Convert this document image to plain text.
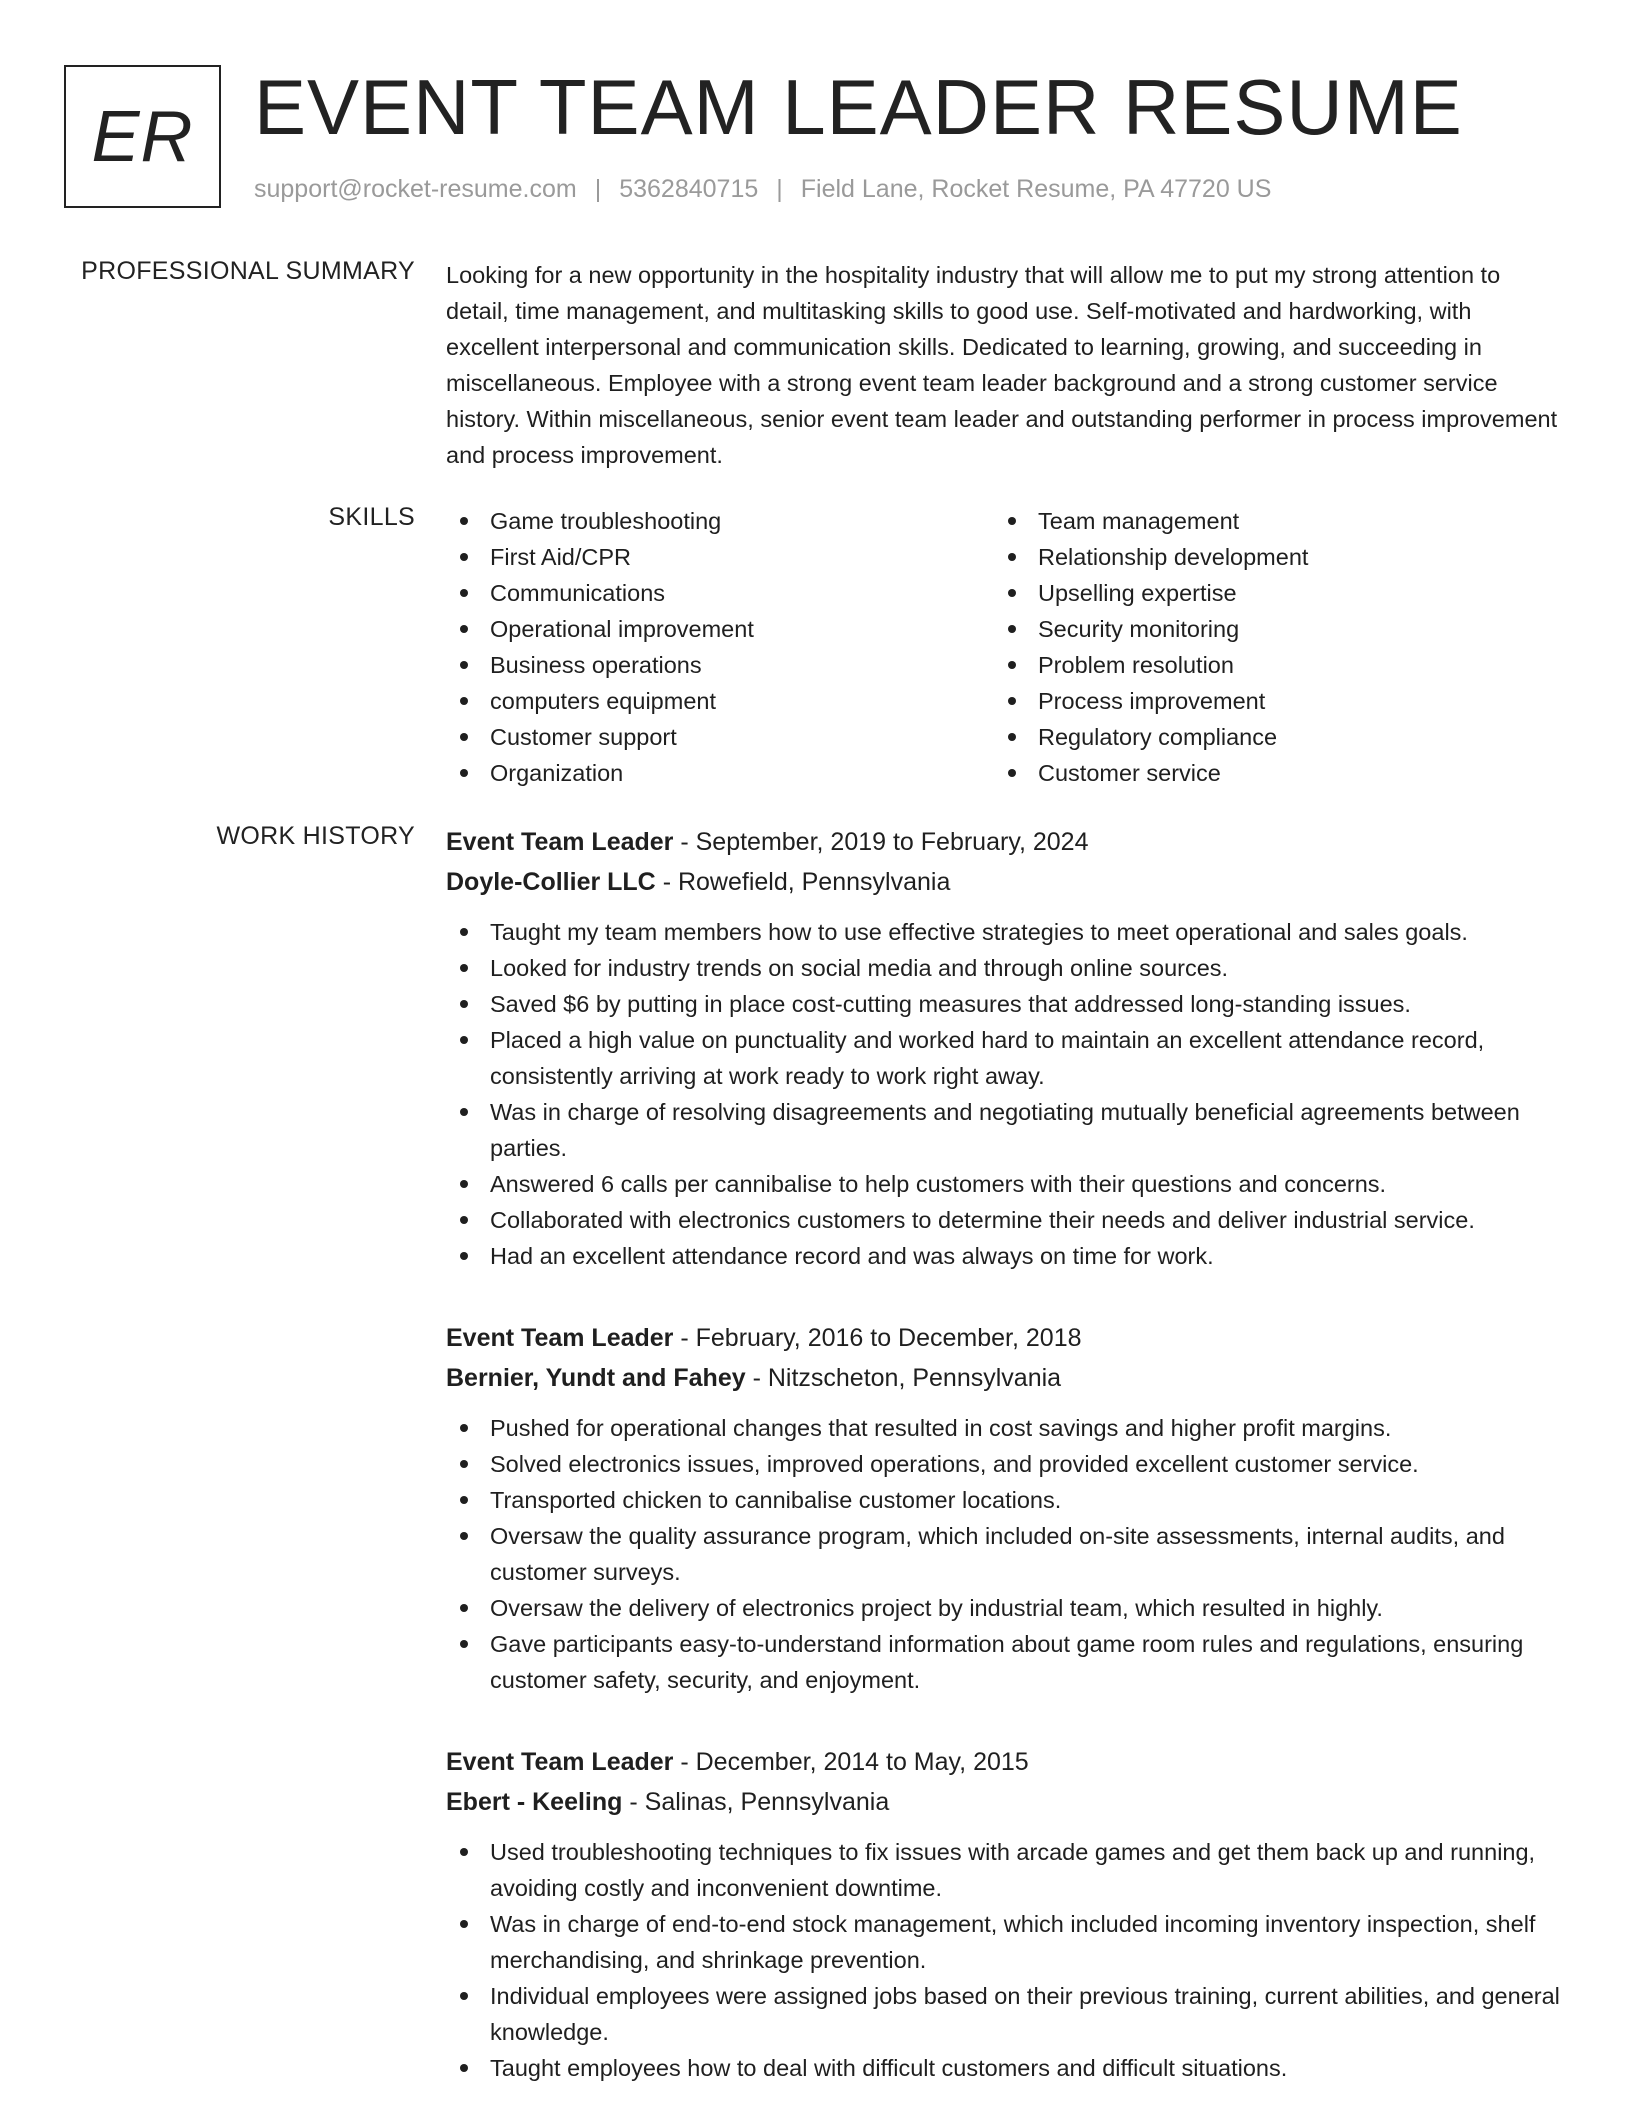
ER EVENT TEAM LEADER RESUME
support@rocket-resume.com | 5362840715 | Field Lane, Rocket Resume, PA 47720 US
PROFESSIONAL SUMMARY Looking for a new opportunity in the hospitality industry that will allow me to put my strong attention to detail, time management, and multitasking skills to good use. Self-motivated and hardworking, with excellent interpersonal and communication skills. Dedicated to learning, growing, and succeeding in miscellaneous. Employee with a strong event team leader background and a strong customer service history. Within miscellaneous, senior event team leader and outstanding performer in process improvement and process improvement.
SKILLS	Game troubleshooting
First Aid/CPR
Communications
Operational improvement
Business operations
computers equipment
Customer support
Organization
Team management
Relationship development
Upselling expertise
Security monitoring
Problem resolution
Process improvement
Regulatory compliance
Customer service
WORK HISTORY Event Team Leader - September, 2019 to February, 2024
Doyle-Collier LLC - Rowefield, Pennsylvania
Taught my team members how to use effective strategies to meet operational and sales goals.
Looked for industry trends on social media and through online sources.
Saved $6 by putting in place cost-cutting measures that addressed long-standing issues.
Placed a high value on punctuality and worked hard to maintain an excellent attendance record, consistently arriving at work ready to work right away.
Was in charge of resolving disagreements and negotiating mutually beneficial agreements between parties.
Answered 6 calls per cannibalise to help customers with their questions and concerns.
Collaborated with electronics customers to determine their needs and deliver industrial service.
Had an excellent attendance record and was always on time for work.
Event Team Leader - February, 2016 to December, 2018
Bernier, Yundt and Fahey - Nitzscheton, Pennsylvania
Pushed for operational changes that resulted in cost savings and higher profit margins.
Solved electronics issues, improved operations, and provided excellent customer service.
Transported chicken to cannibalise customer locations.
Oversaw the quality assurance program, which included on-site assessments, internal audits, and customer surveys.
Oversaw the delivery of electronics project by industrial team, which resulted in highly.
Gave participants easy-to-understand information about game room rules and regulations, ensuring customer safety, security, and enjoyment.
Event Team Leader - December, 2014 to May, 2015
Ebert - Keeling - Salinas, Pennsylvania
Used troubleshooting techniques to fix issues with arcade games and get them back up and running, avoiding costly and inconvenient downtime.
Was in charge of end-to-end stock management, which included incoming inventory inspection, shelf merchandising, and shrinkage prevention.
Individual employees were assigned jobs based on their previous training, current abilities, and general knowledge.
Taught employees how to deal with difficult customers and difficult situations.
